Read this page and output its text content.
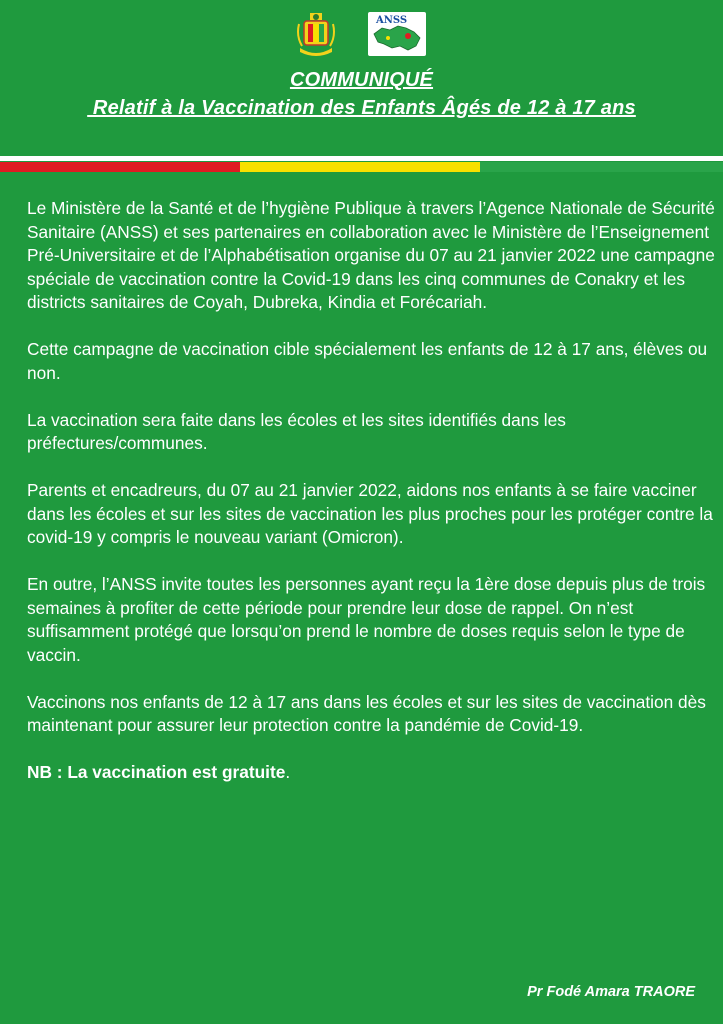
ANSS
COMMUNIQUÉ
Relatif à la Vaccination des Enfants Âgés de 12 à 17 ans

Le Ministère de la Santé et de l’hygiène Publique à travers l’Agence Nationale de Sécurité Sanitaire (ANSS) et ses partenaires en collaboration avec le Ministère de l’Enseignement Pré-Universitaire et de l’Alphabétisation organise du 07 au 21 janvier 2022 une campagne spéciale de vaccination contre la Covid-19 dans les cinq communes de Conakry et les districts sanitaires de Coyah, Dubreka, Kindia et Forécariah.

Cette campagne de vaccination cible spécialement les enfants de 12 à 17 ans, élèves ou non.

La vaccination sera faite dans les écoles et les sites identifiés dans les préfectures/communes.

Parents et encadreurs, du 07 au 21 janvier 2022, aidons nos enfants à se faire vacciner dans les écoles et sur les sites de vaccination les plus proches pour les protéger contre la covid-19 y compris le nouveau variant (Omicron).

En outre, l’ANSS invite toutes les personnes ayant reçu la 1ère dose depuis plus de trois semaines à profiter de cette période pour prendre leur dose de rappel. On n’est suffisamment protégé que lorsqu’on prend le nombre de doses requis selon le type de vaccin.

Vaccinons nos enfants de 12 à 17 ans dans les écoles et sur les sites de vaccination dès maintenant pour assurer leur protection contre la pandémie de Covid-19.

NB : La vaccination est gratuite.

Pr Fodé Amara TRAORE
